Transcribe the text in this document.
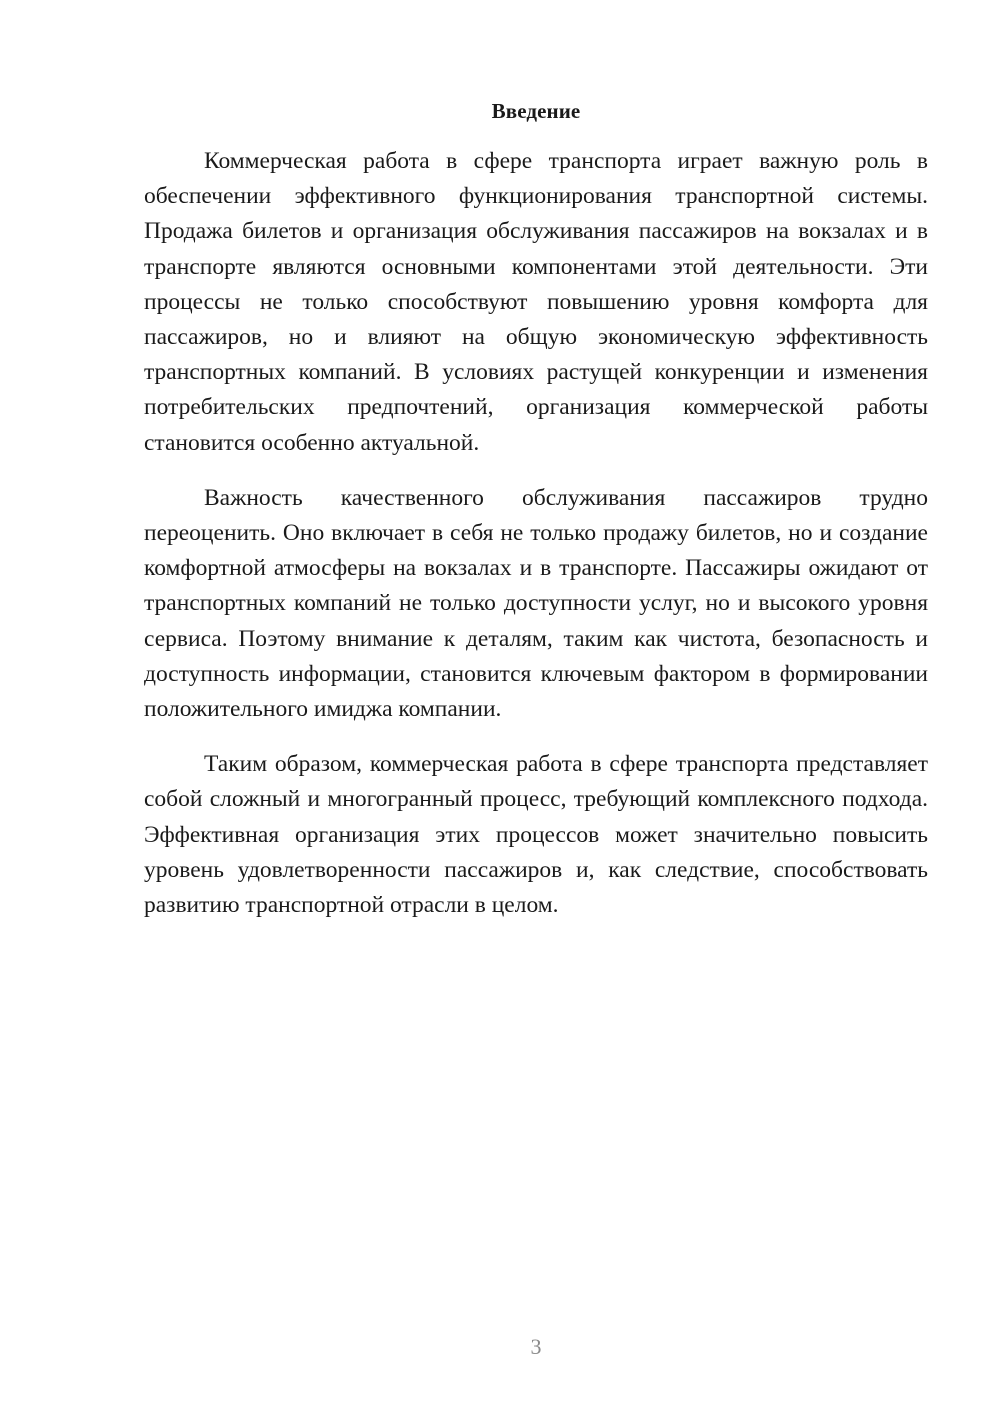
Введение

Коммерческая работа в сфере транспорта играет важную роль в обеспечении эффективного функционирования транспортной системы. Продажа билетов и организация обслуживания пассажиров на вокзалах и в транспорте являются основными компонентами этой деятельности. Эти процессы не только способствуют повышению уровня комфорта для пассажиров, но и влияют на общую экономическую эффективность транспортных компаний. В условиях растущей конкуренции и изменения потребительских предпочтений, организация коммерческой работы становится особенно актуальной.

Важность качественного обслуживания пассажиров трудно переоценить. Оно включает в себя не только продажу билетов, но и создание комфортной атмосферы на вокзалах и в транспорте. Пассажиры ожидают от транспортных компаний не только доступности услуг, но и высокого уровня сервиса. Поэтому внимание к деталям, таким как чистота, безопасность и доступность информации, становится ключевым фактором в формировании положительного имиджа компании.

Таким образом, коммерческая работа в сфере транспорта представляет собой сложный и многогранный процесс, требующий комплексного подхода. Эффективная организация этих процессов может значительно повысить уровень удовлетворенности пассажиров и, как следствие, способствовать развитию транспортной отрасли в целом.

3
